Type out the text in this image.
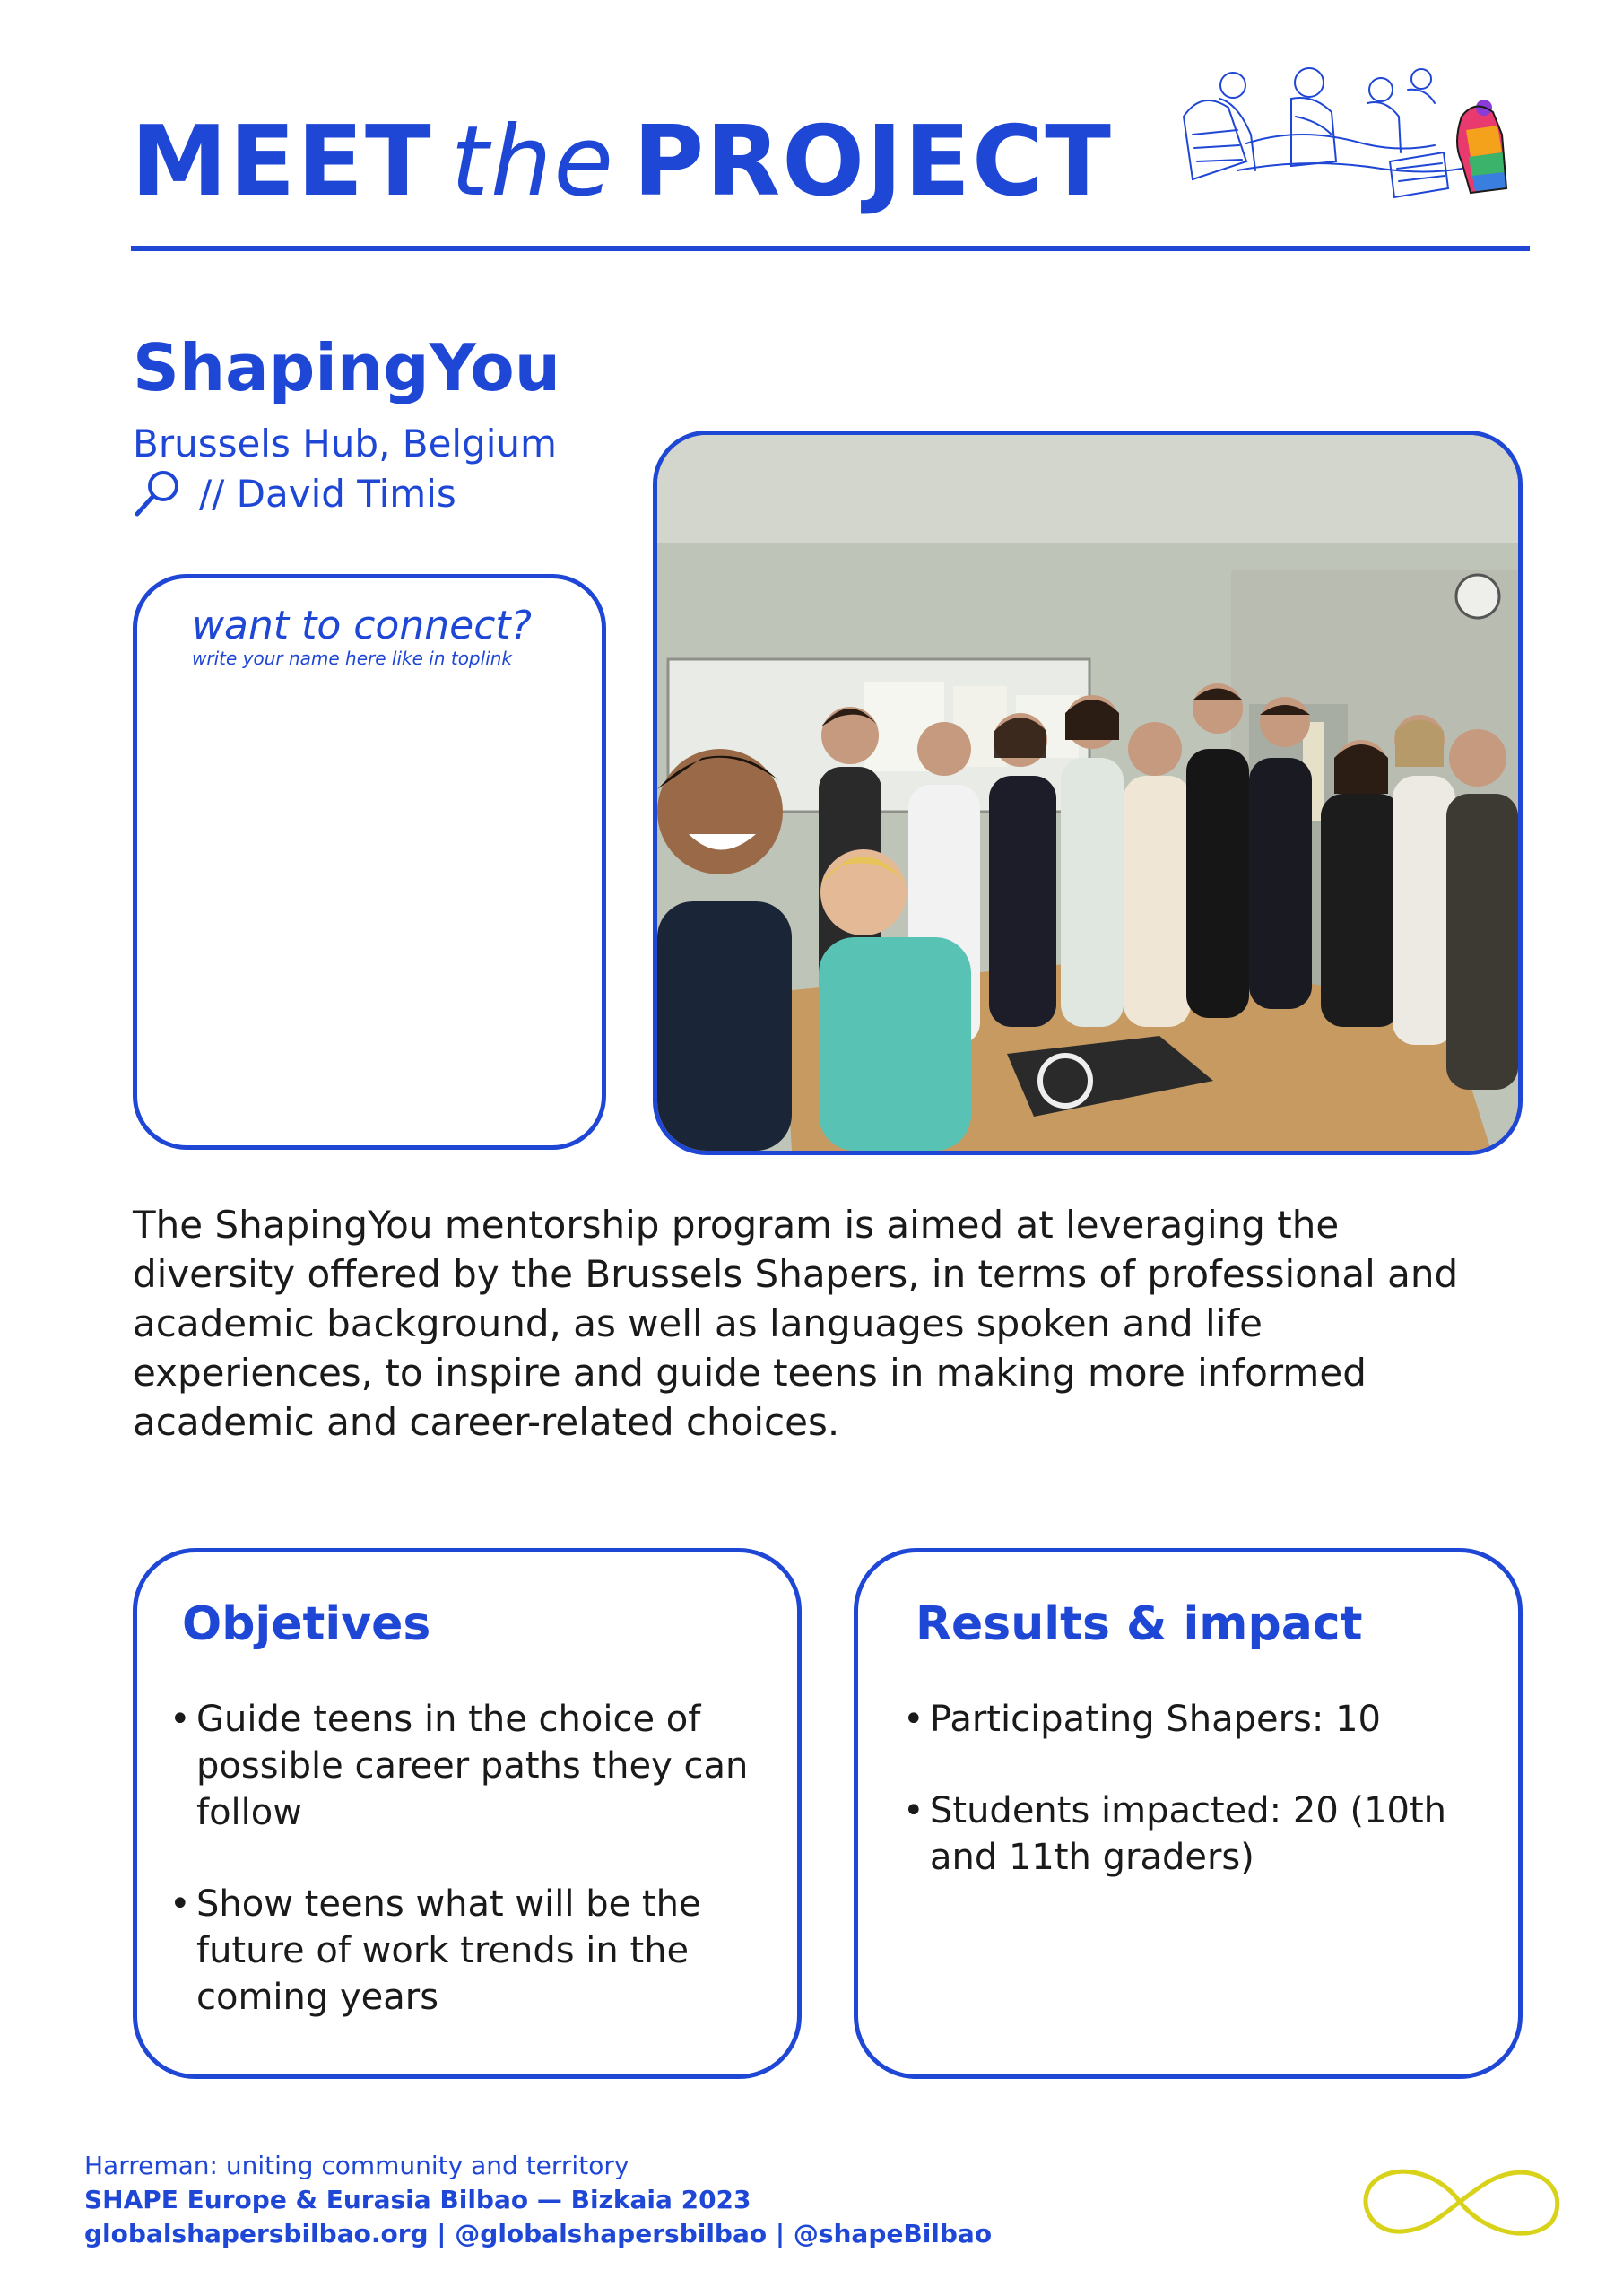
MEET the PROJECT
ShapingYou
Brussels Hub, Belgium
// David Timis
want to connect?
write your name here like in toplink
The ShapingYou mentorship program is aimed at leveraging the diversity offered by the Brussels Shapers, in terms of professional and academic background, as well as languages spoken and life experiences, to inspire and guide teens in making more informed academic and career-related choices.
Objetives
• Guide teens in the choice of possible career paths they can follow
• Show teens what will be the future of work trends in the coming years
Results & impact
• Participating Shapers: 10
• Students impacted: 20 (10th and 11th graders)
Harreman: uniting community and territory
SHAPE Europe & Eurasia Bilbao — Bizkaia 2023
globalshapersbilbao.org | @globalshapersbilbao | @shapeBilbao
